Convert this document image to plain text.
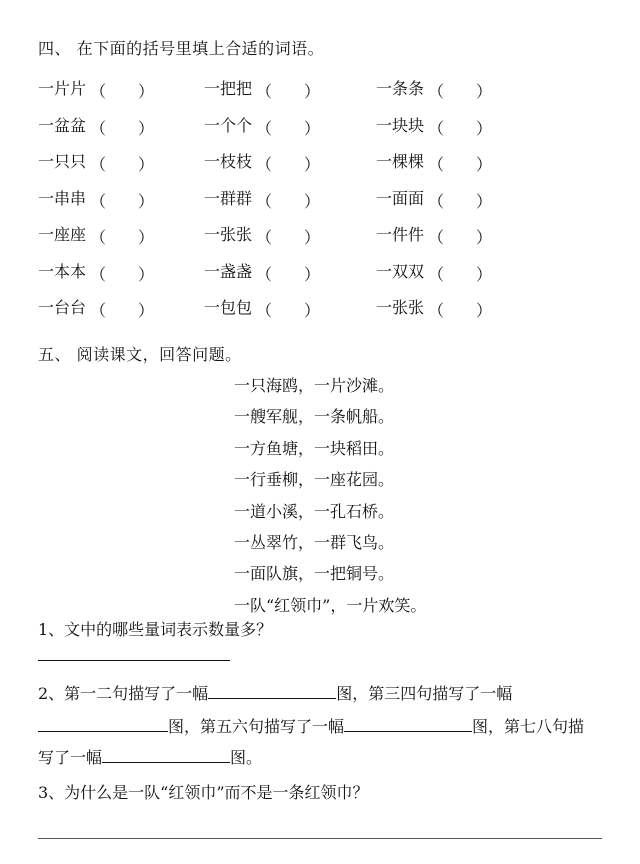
四、 在下面的括号里填上合适的词语。
一片片 （ ）
	一把把 （ ）
	一条条 （ ）

一盆盆 （ ）
	一个个 （ ）
	一块块 （ ）

一只只 （ ）
	一枝枝 （ ）
	一棵棵 （ ）

一串串 （ ）
	一群群 （ ）
	一面面 （ ）

一座座 （ ）
	一张张 （ ）
	一件件 （ ）

一本本 （ ）
	一盏盏 （ ）
	一双双 （ ）

一台台 （ ）
	一包包 （ ）
	一张张 （ ）

五、 阅读课文，回答问题。
一只海鸥，一片沙滩。
一艘军舰，一条帆船。
一方鱼塘，一块稻田。
一行垂柳，一座花园。
一道小溪，一孔石桥。
一丛翠竹，一群飞鸟。
一面队旗，一把铜号。
一队“红领巾”，一片欢笑。
1、文中的哪些量词表示数量多？
2、第一二句描写了一幅	图，第三四句描写了一幅
图，第五六句描写了一幅	图，第七八句描
写了一幅	图。
3、为什么是一队“红领巾”而不是一条红领巾？
